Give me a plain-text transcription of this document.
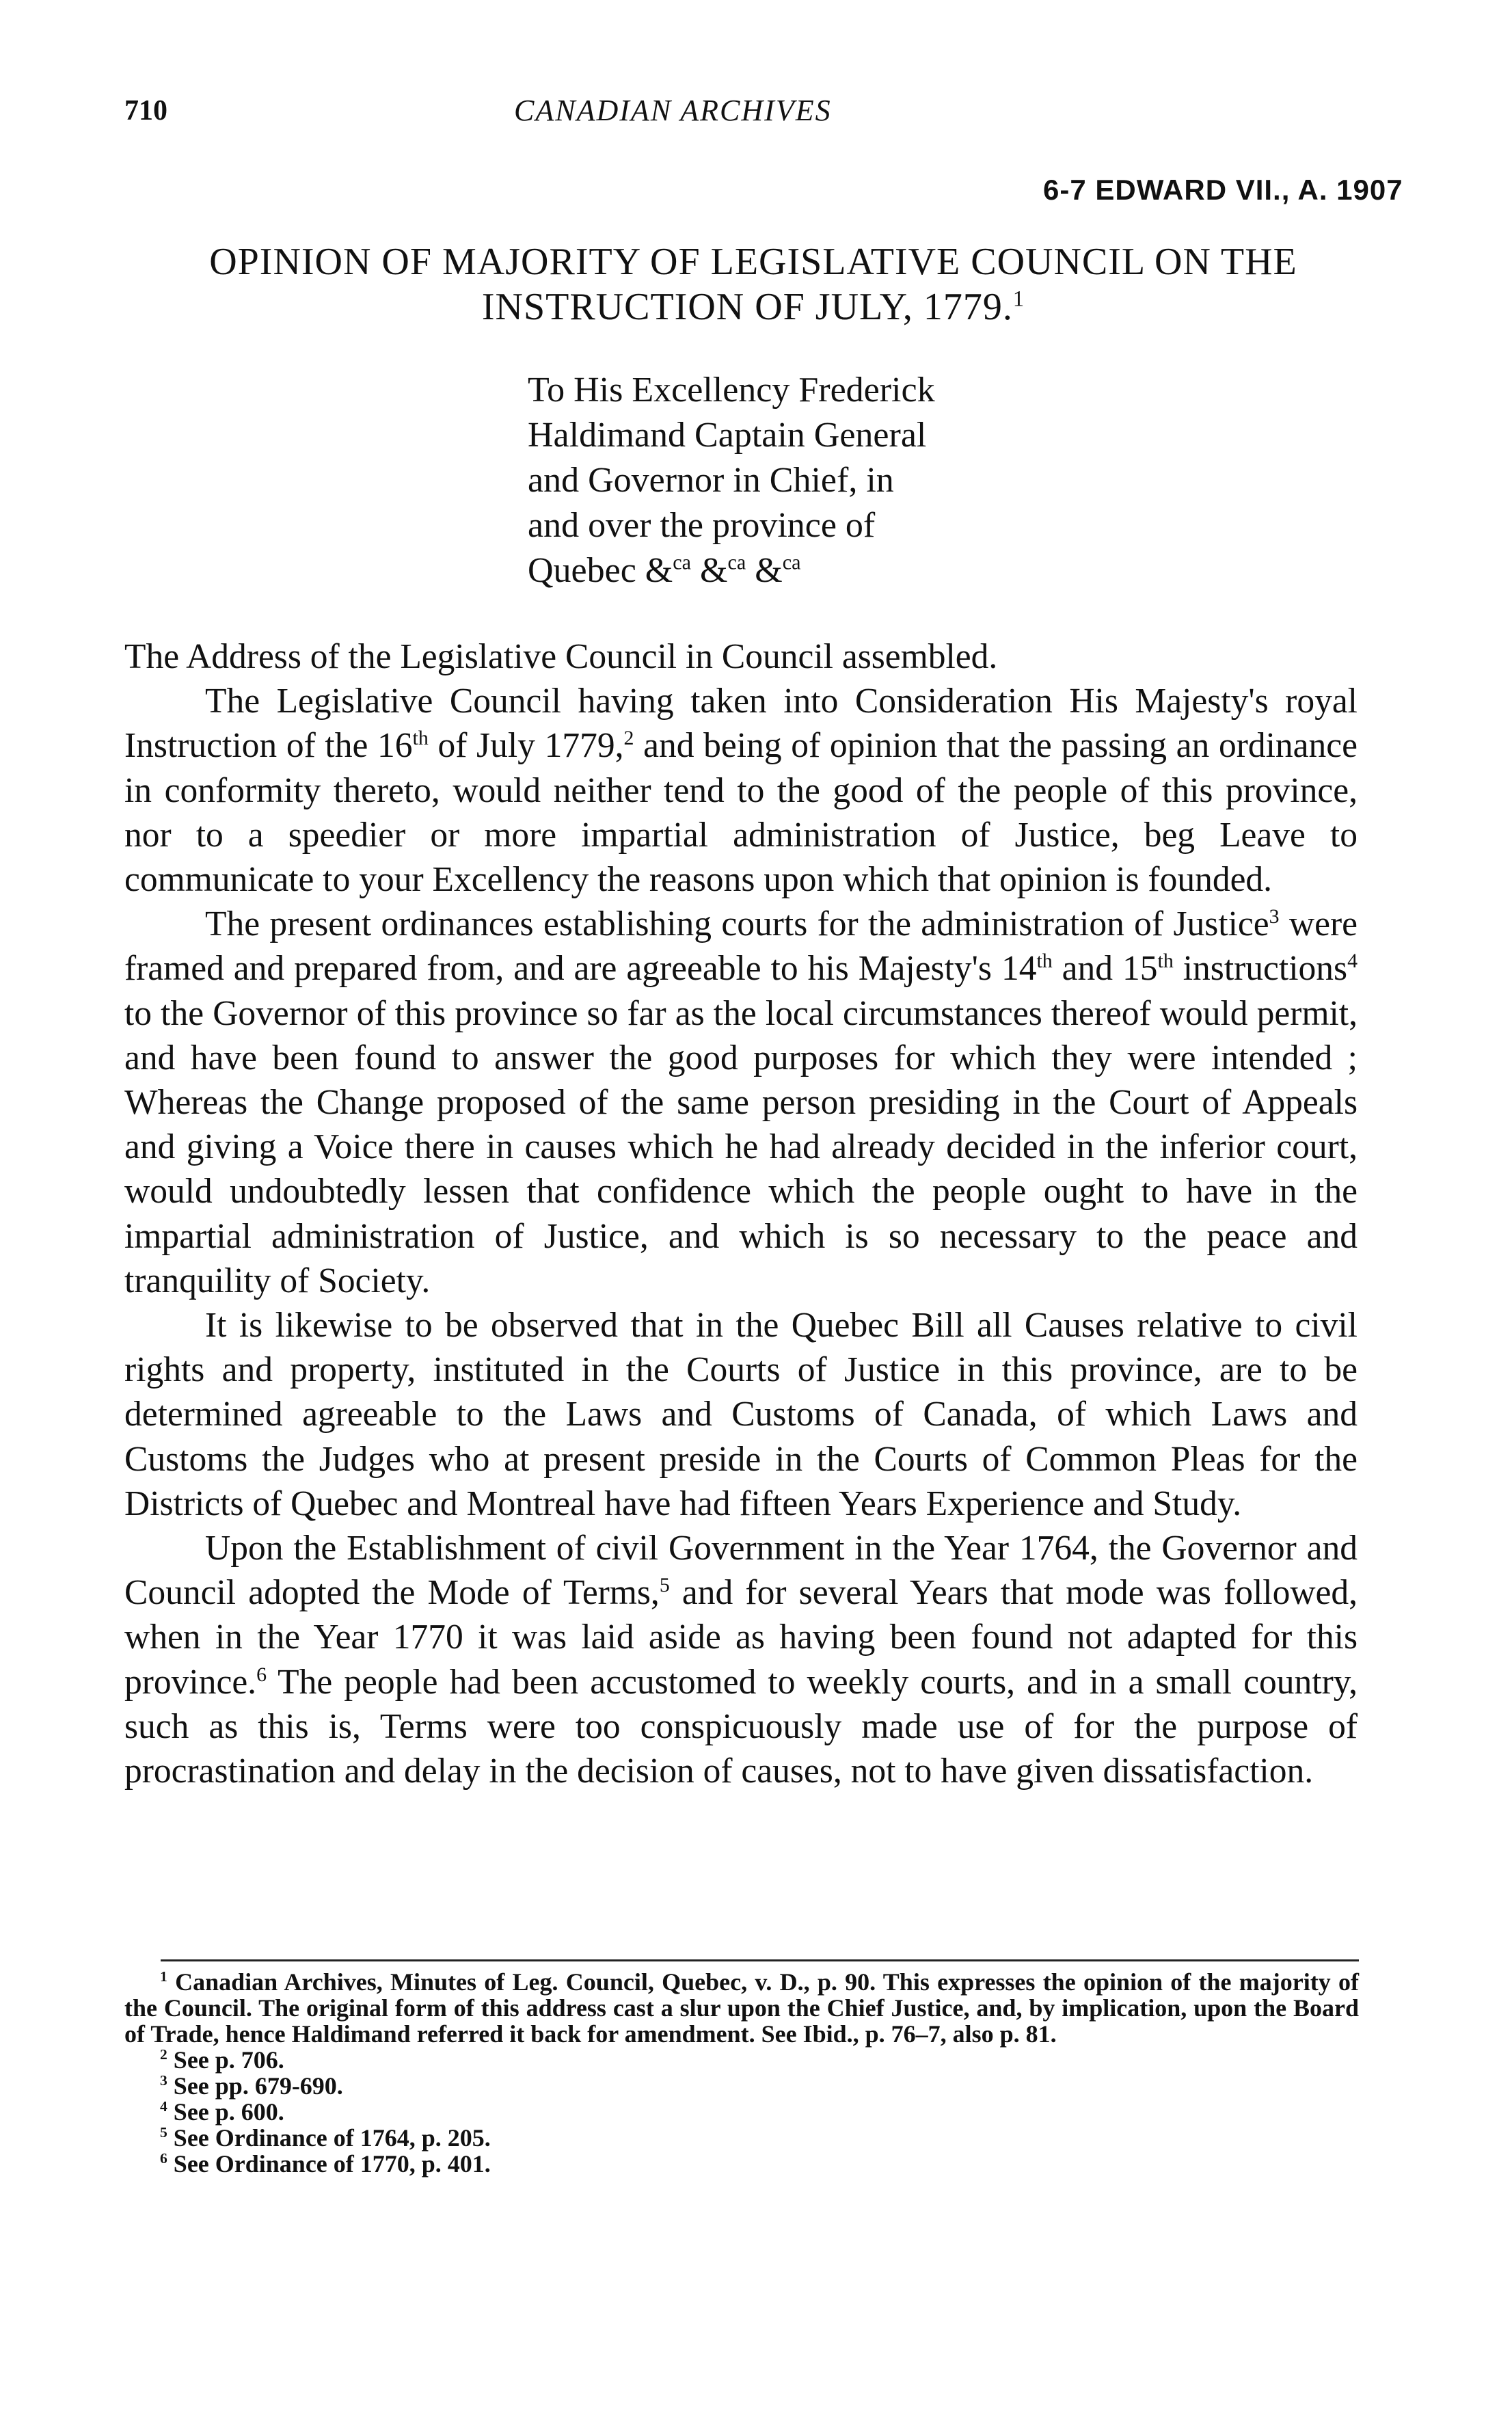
710	CANADIAN ARCHIVES
6-7 EDWARD VII., A. 1907
OPINION OF MAJORITY OF LEGISLATIVE COUNCIL ON THE INSTRUCTION OF JULY, 1779.$^1$
To His Excellency Frederick
Haldimand Captain General
and Governor in Chief, in
and over the province of
Quebec &$^{ca}$ &$^{ca}$ &$^{ca}$

The Address of the Legislative Council in Council assembled.

The Legislative Council having taken into Consideration His Majesty's royal Instruction of the 16th of July 1779,$^2$ and being of opinion that the passing an ordinance in conformity thereto, would neither tend to the good of the people of this province, nor to a speedier or more impartial administration of Justice, beg Leave to communicate to your Excellency the reasons upon which that opinion is founded.

The present ordinances establishing courts for the administration of Justice$^3$ were framed and prepared from, and are agreeable to his Majesty's 14th and 15th instructions$^4$ to the Governor of this province so far as the local circumstances thereof would permit, and have been found to answer the good purposes for which they were intended ; Whereas the Change proposed of the same person presiding in the Court of Appeals and giving a Voice there in causes which he had already decided in the inferior court, would undoubtedly lessen that confidence which the people ought to have in the impartial administration of Justice, and which is so necessary to the peace and tranquility of Society.

It is likewise to be observed that in the Quebec Bill all Causes relative to civil rights and property, instituted in the Courts of Justice in this province, are to be determined agreeable to the Laws and Customs of Canada, of which Laws and Customs the Judges who at present preside in the Courts of Common Pleas for the Districts of Quebec and Montreal have had fifteen Years Experience and Study.

Upon the Establishment of civil Government in the Year 1764, the Governor and Council adopted the Mode of Terms,$^5$ and for several Years that mode was followed, when in the Year 1770 it was laid aside as having been found not adapted for this province.$^6$ The people had been accustomed to weekly courts, and in a small country, such as this is, Terms were too conspicuously made use of for the purpose of procrastination and delay in the decision of causes, not to have given dissatisfaction.

$^1$ Canadian Archives, Minutes of Leg. Council, Quebec, v. D., p. 90. This expresses the opinion of the majority of the Council. The original form of this address cast a slur upon the Chief Justice, and, by implication, upon the Board of Trade, hence Haldimand referred it back for amendment. See Ibid., p. 76–7, also p. 81.

$^2$ See p. 706.

$^3$ See pp. 679-690.

$^4$ See p. 600.

$^5$ See Ordinance of 1764, p. 205.

$^6$ See Ordinance of 1770, p. 401.
